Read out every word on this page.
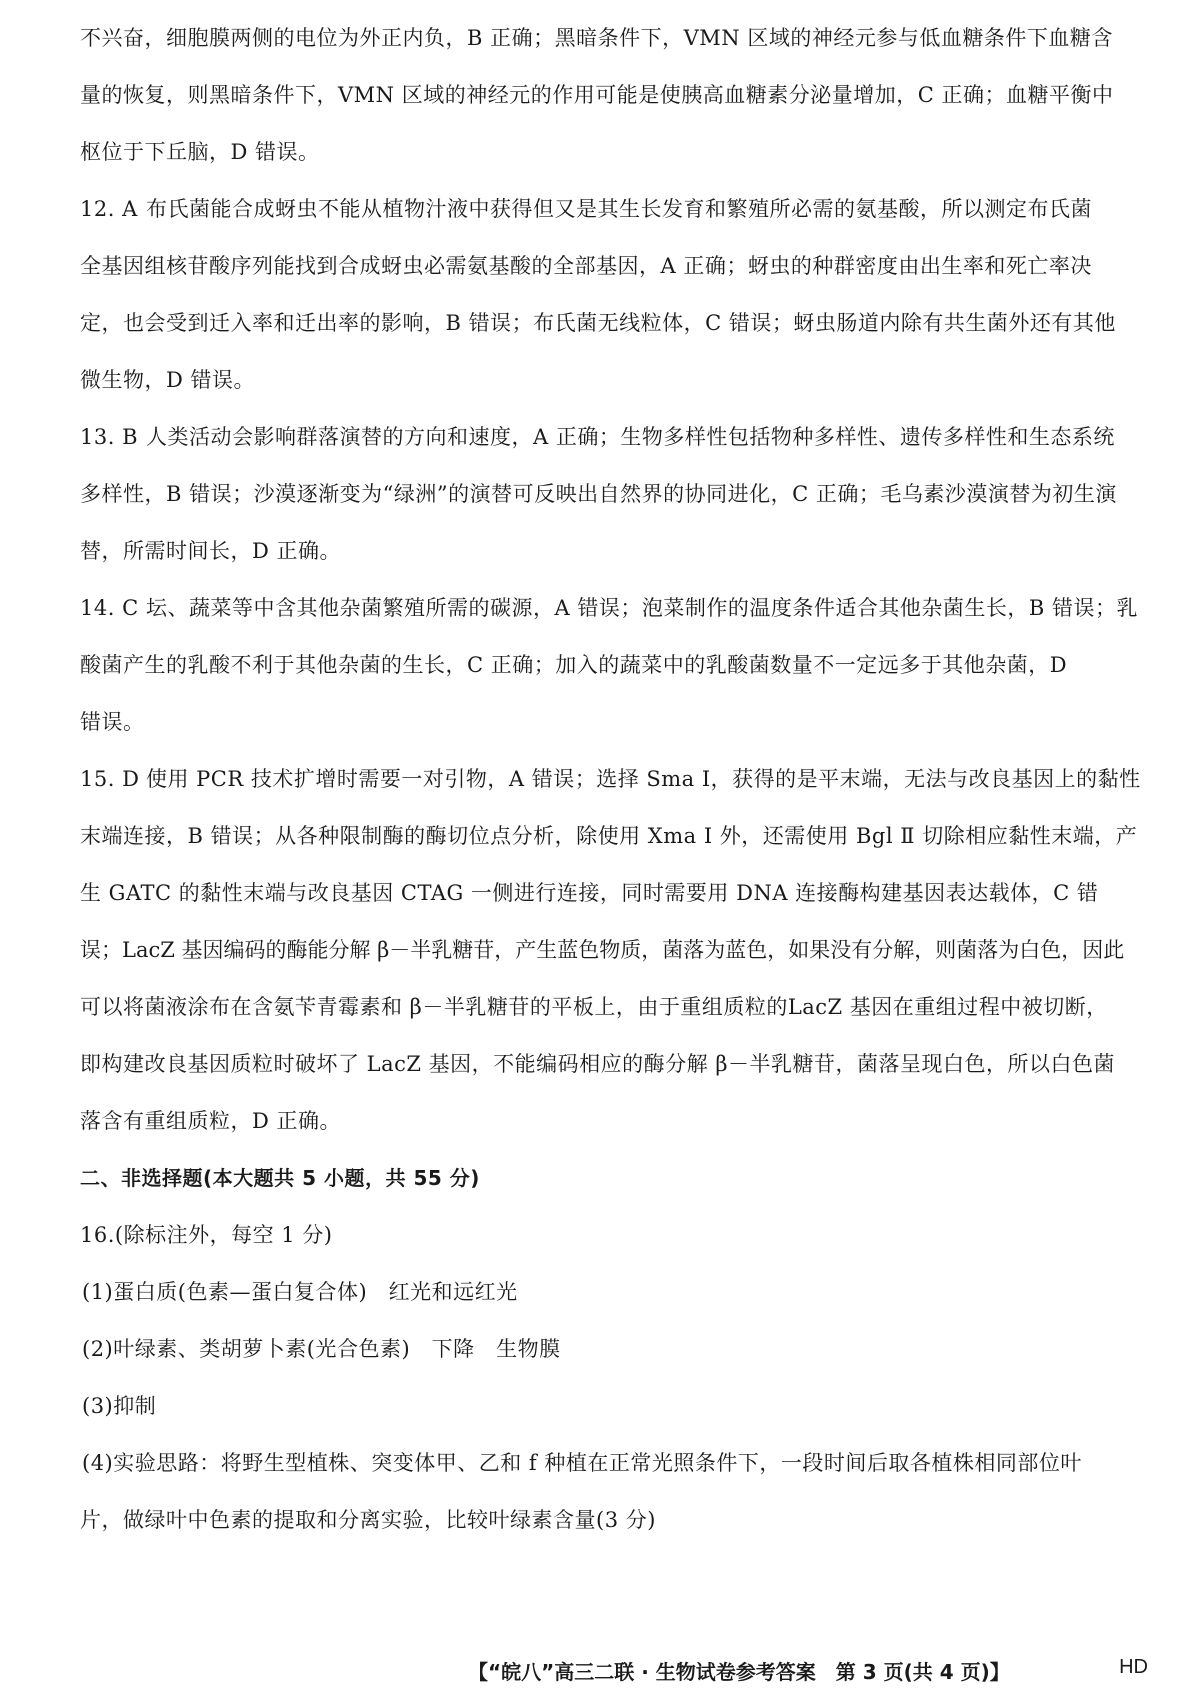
不兴奋，细胞膜两侧的电位为外正内负，B 正确；黑暗条件下，VMN 区域的神经元参与低血糖条件下血糖含
量的恢复，则黑暗条件下，VMN 区域的神经元的作用可能是使胰高血糖素分泌量增加，C 正确；血糖平衡中
枢位于下丘脑，D 错误。
12. A 布氏菌能合成蚜虫不能从植物汁液中获得但又是其生长发育和繁殖所必需的氨基酸，所以测定布氏菌
全基因组核苷酸序列能找到合成蚜虫必需氨基酸的全部基因，A 正确；蚜虫的种群密度由出生率和死亡率决
定，也会受到迁入率和迁出率的影响，B 错误；布氏菌无线粒体，C 错误；蚜虫肠道内除有共生菌外还有其他
微生物，D 错误。
13. B 人类活动会影响群落演替的方向和速度，A 正确；生物多样性包括物种多样性、遗传多样性和生态系统
多样性，B 错误；沙漠逐渐变为“绿洲”的演替可反映出自然界的协同进化，C 正确；毛乌素沙漠演替为初生演
替，所需时间长，D 正确。
14. C 坛、蔬菜等中含其他杂菌繁殖所需的碳源，A 错误；泡菜制作的温度条件适合其他杂菌生长，B 错误；乳
酸菌产生的乳酸不利于其他杂菌的生长，C 正确；加入的蔬菜中的乳酸菌数量不一定远多于其他杂菌，D
错误。
15. D 使用 PCR 技术扩增时需要一对引物，A 错误；选择 Sma Ⅰ，获得的是平末端，无法与改良基因上的黏性
末端连接，B 错误；从各种限制酶的酶切位点分析，除使用 Xma Ⅰ 外，还需使用 Bgl Ⅱ 切除相应黏性末端，产
生 GATC 的黏性末端与改良基因 CTAG 一侧进行连接，同时需要用 DNA 连接酶构建基因表达载体，C 错
误；LacZ 基因编码的酶能分解 β－半乳糖苷，产生蓝色物质，菌落为蓝色，如果没有分解，则菌落为白色，因此
可以将菌液涂布在含氨苄青霉素和 β－半乳糖苷的平板上，由于重组质粒的LacZ 基因在重组过程中被切断，
即构建改良基因质粒时破坏了 LacZ 基因，不能编码相应的酶分解 β－半乳糖苷，菌落呈现白色，所以白色菌
落含有重组质粒，D 正确。
二、非选择题(本大题共 5 小题，共 55 分)
16.(除标注外，每空 1 分)
(1)蛋白质(色素—蛋白复合体)　红光和远红光
(2)叶绿素、类胡萝卜素(光合色素)　下降　生物膜
(3)抑制
(4)实验思路：将野生型植株、突变体甲、乙和 f 种植在正常光照条件下，一段时间后取各植株相同部位叶
片，做绿叶中色素的提取和分离实验，比较叶绿素含量(3 分)
【“皖八”高三二联 · 生物试卷参考答案　第 3 页(共 4 页)】	HD
